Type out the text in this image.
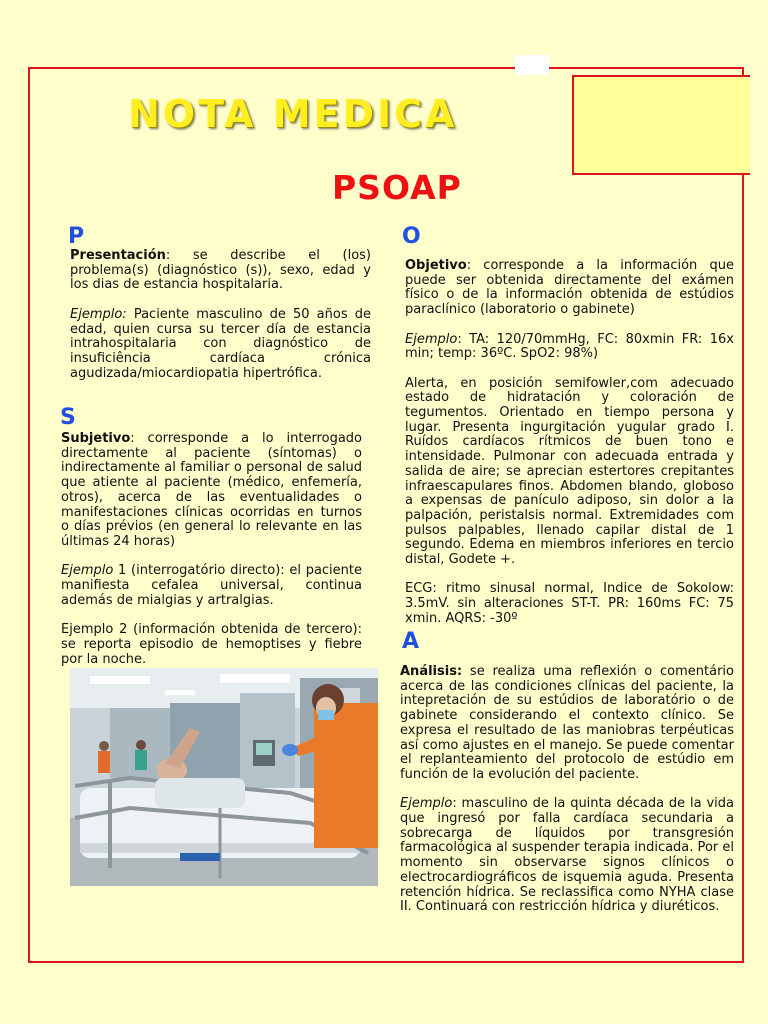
NOTA MEDICA
PSOAP
P

Presentación: se describe el (los) problema(s) (diagnóstico (s)), sexo, edad y los dias de estancia hospitalaria.

Ejemplo: Paciente masculino de 50 años de edad, quien cursa su tercer día de estancia intrahospitalaria con diagnóstico de insuficiência cardíaca crónica agudizada/miocardiopatia hipertrófica.

S

Subjetivo: corresponde a lo interrogado directamente al paciente (síntomas) o indirectamente al familiar o personal de salud que atiente al paciente (médico, enfemería, otros), acerca de las eventualidades o manifestaciones clínicas ocorridas en turnos o días prévios (en general lo relevante en las últimas 24 horas)

Ejemplo 1 (interrogatório directo): el paciente manifiesta cefalea universal, continua además de mialgias y artralgias.

Ejemplo 2 (información obtenida de tercero): se reporta episodio de hemoptises y fiebre por la noche.

O

Objetivo: corresponde a la información que puede ser obtenida directamente del exámen físico o de la información obtenida de estúdios paraclínico (laboratorio o gabinete)

Ejemplo: TA: 120/70mmHg, FC: 80xmin FR: 16x min; temp: 36ºC. SpO2: 98%)

Alerta, en posición semifowler,com adecuado estado de hidratación y coloración de tegumentos. Orientado en tiempo persona y lugar. Presenta ingurgitación yugular grado I. Ruídos cardíacos rítmicos de buen tono e intensidade. Pulmonar con adecuada entrada y salida de aire; se aprecian estertores crepitantes infraescapulares finos. Abdomen blando, globoso a expensas de panículo adiposo, sin dolor a la palpación, peristalsis normal. Extremidades com pulsos palpables, llenado capilar distal de 1 segundo. Edema en miembros inferiores en tercio distal, Godete +.

ECG: ritmo sinusal normal, Indice de Sokolow: 3.5mV. sin alteraciones ST-T. PR: 160ms FC: 75 xmin. AQRS: -30º

A

Análisis: se realiza uma reflexión o comentário acerca de las condiciones clínicas del paciente, la intepretación de su estúdios de laboratório o de gabinete considerando el contexto clínico. Se expresa el resultado de las maniobras terpéuticas así como ajustes en el manejo. Se puede comentar el replanteamiento del protocolo de estúdio em función de la evolución del paciente.

Ejemplo: masculino de la quinta década de la vida que ingresó por falla cardíaca secundaria a sobrecarga de líquidos por transgresión farmacológica al suspender terapia indicada. Por el momento sin observarse signos clínicos o electrocardiográficos de isquemia aguda. Presenta retención hídrica. Se reclassifica como NYHA clase II. Continuará con restricción hídrica y diuréticos.
